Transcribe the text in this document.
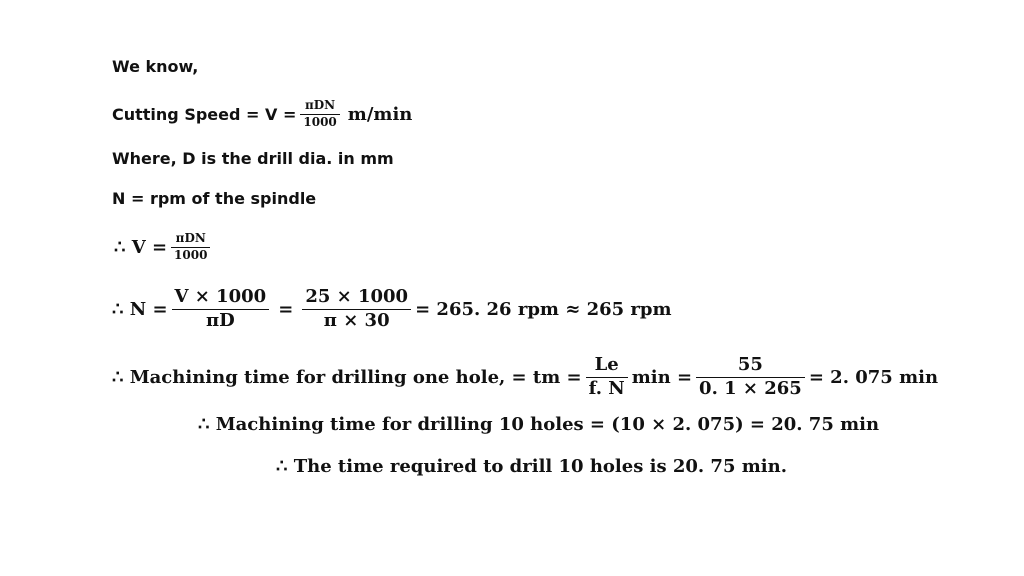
We know,
Cutting Speed = $V = \frac{\text{πDN}}{1000} m/\min$
Where, D is the drill dia. in mm
N = rpm of the spindle
∴ $V = \frac{\text{πDN}}{1000}$
∴ $N = \frac{V \times 1000}{\pi D} = \frac{25 \times 1000}{\pi \times 30} = 265$. 26 rpm ≈ 265 rpm
∴ Machining time for drilling one hole, = tm = $\frac{Le}{f. N}$ $\min = \frac{55}{0. 1 \times 265} = 2$. 075 min
∴ Machining time for drilling 10 holes = (10 × 2. 075) = 20. 75 min
∴ The time required to drill 10 holes is 20. 75 min.
